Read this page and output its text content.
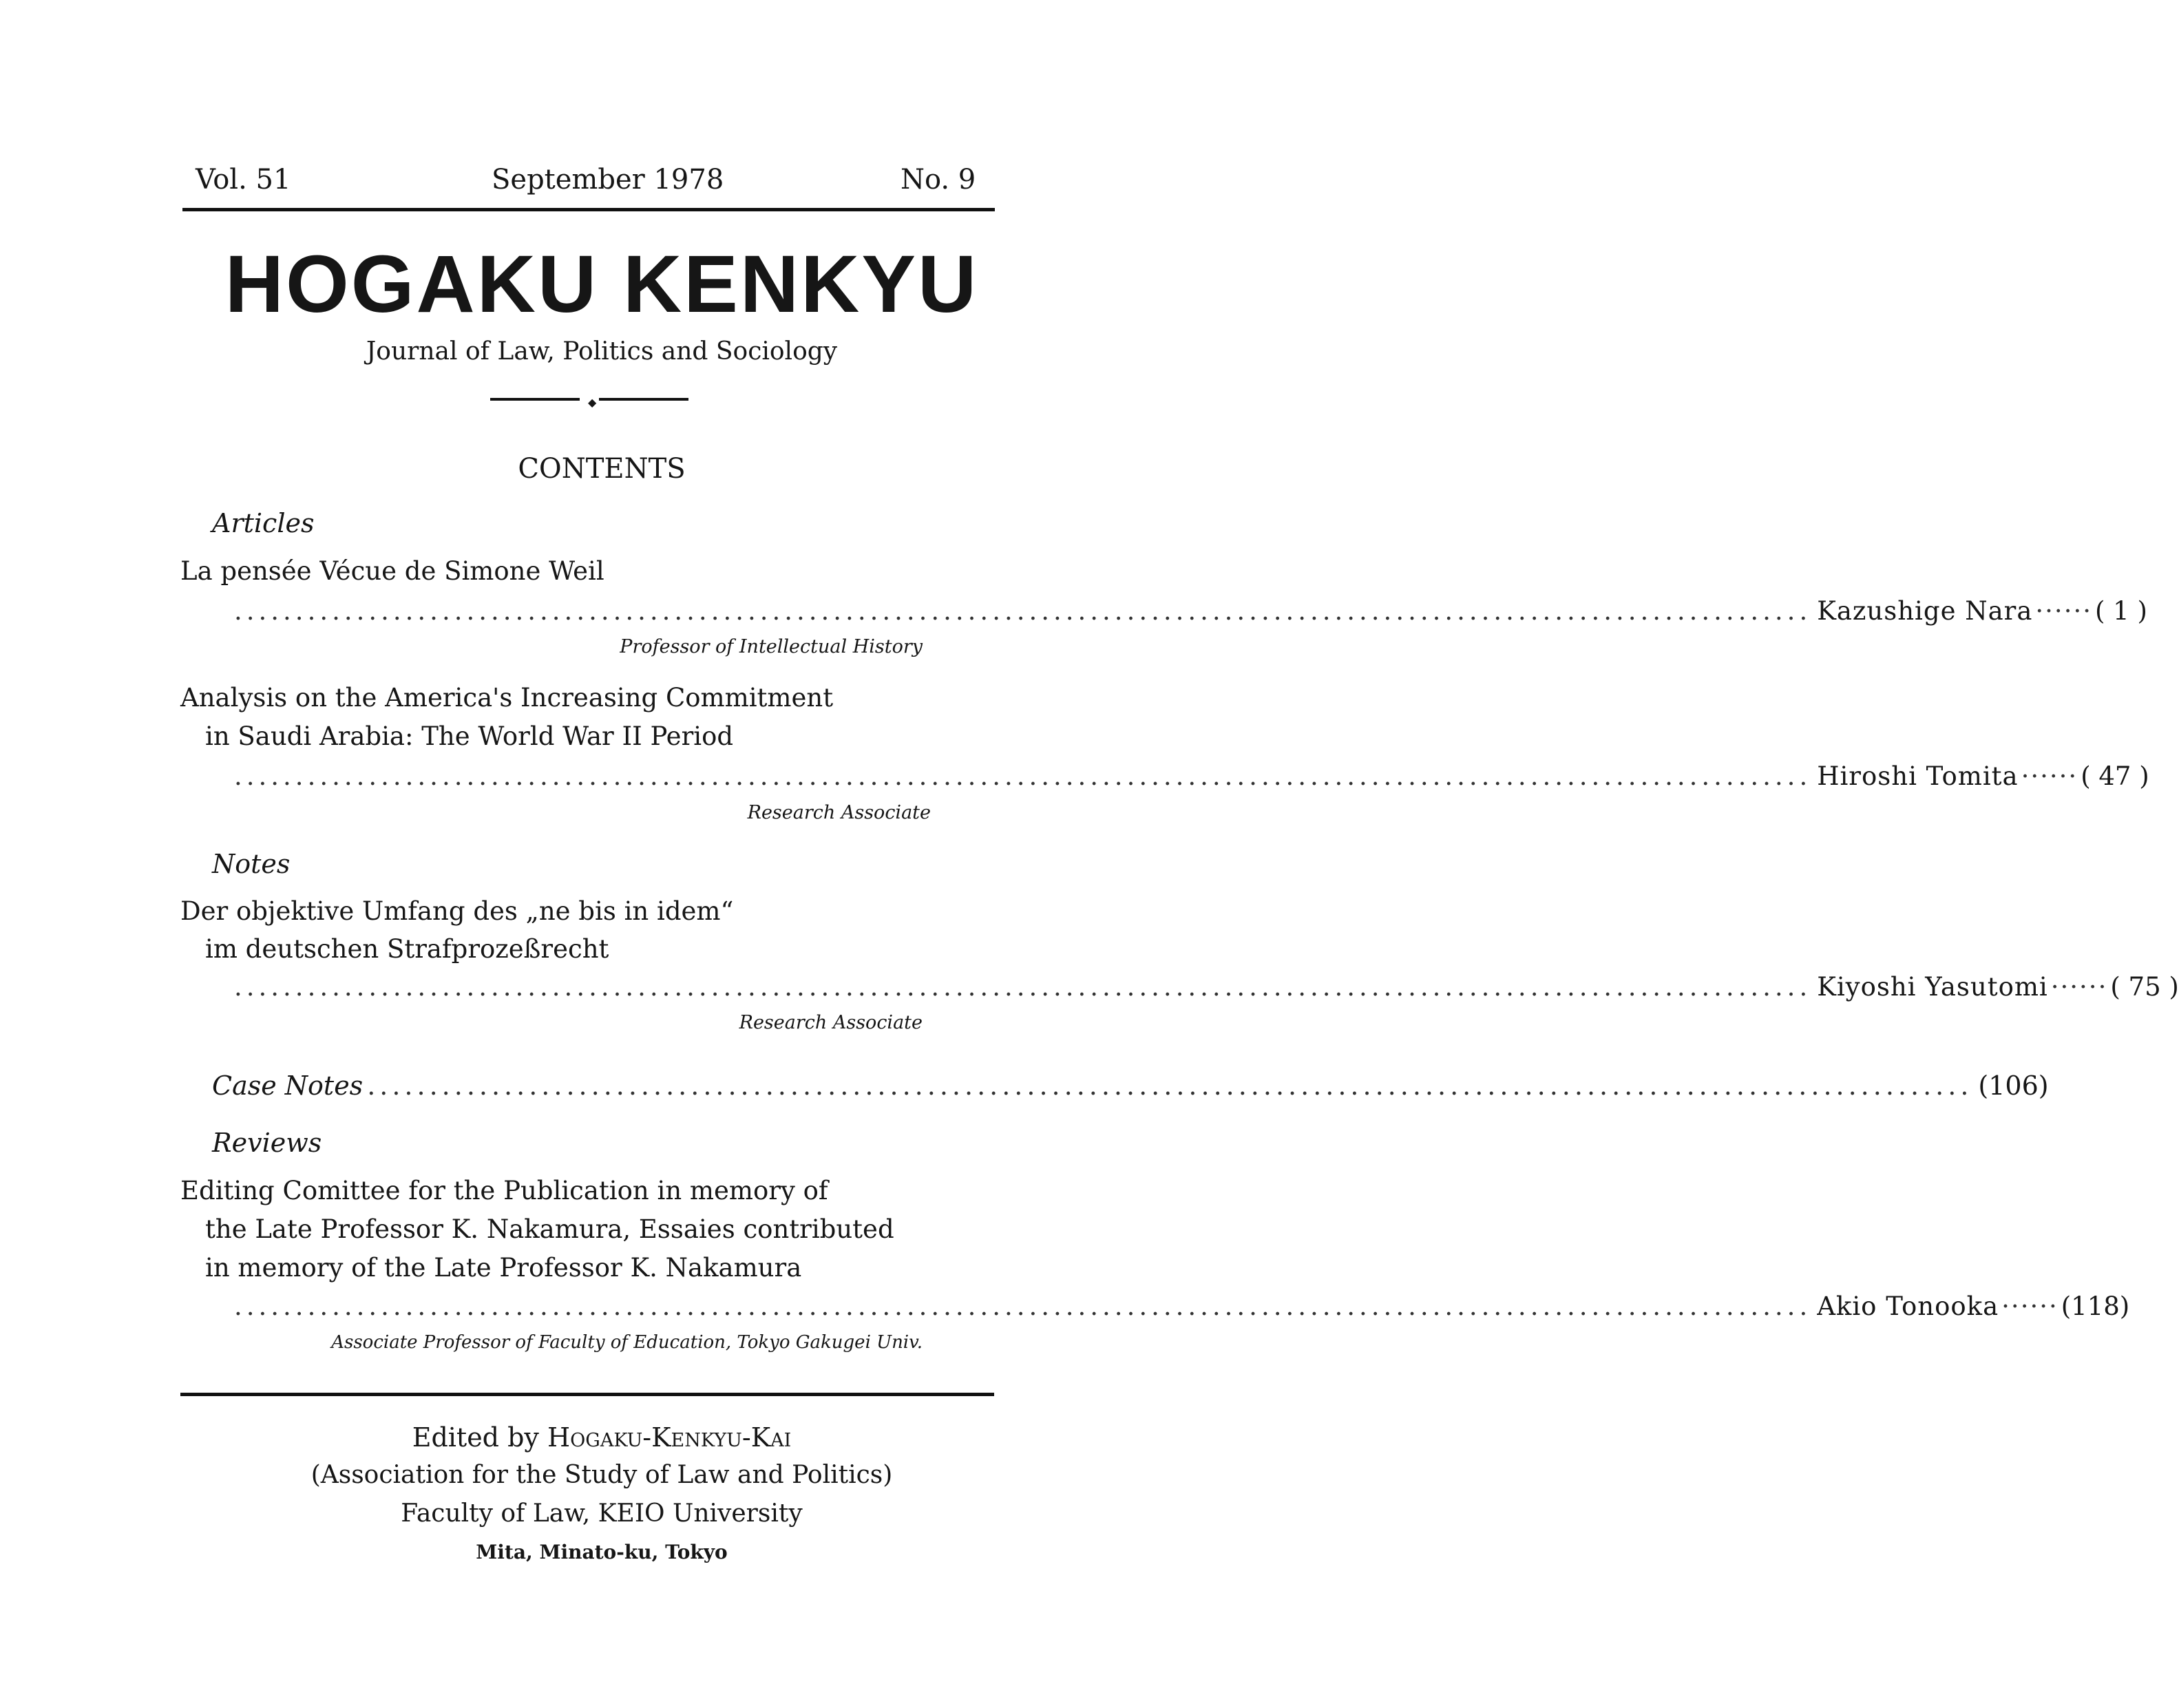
Vol. 51	September 1978	No. 9
HOGAKU KENKYU
Journal of Law, Politics and Sociology
◆
CONTENTS
Articles
La pensée Vécue de Simone Weil
................................................................................................................................. Kazushige Nara ······ ( 1 )
Professor of Intellectual History
Analysis on the America's Increasing Commitment
in Saudi Arabia: The World War II Period
................................................................................................................................. Hiroshi Tomita ······ ( 47 )
Research Associate
Notes
Der objektive Umfang des „ne bis in idem“
im deutschen Strafprozeßrecht
................................................................................................................................. Kiyoshi Yasutomi ······ ( 75 )
Research Associate
Case Notes ................................................................................................................................. (106)
Reviews
Editing Comittee for the Publication in memory of
the Late Professor K. Nakamura, Essaies contributed
in memory of the Late Professor K. Nakamura
................................................................................................................................. Akio Tonooka ······ (118)
Associate Professor of Faculty of Education, Tokyo Gakugei Univ.
Edited by Hogaku-Kenkyu-Kai
(Association for the Study of Law and Politics)
Faculty of Law, KEIO University
Mita, Minato-ku, Tokyo
